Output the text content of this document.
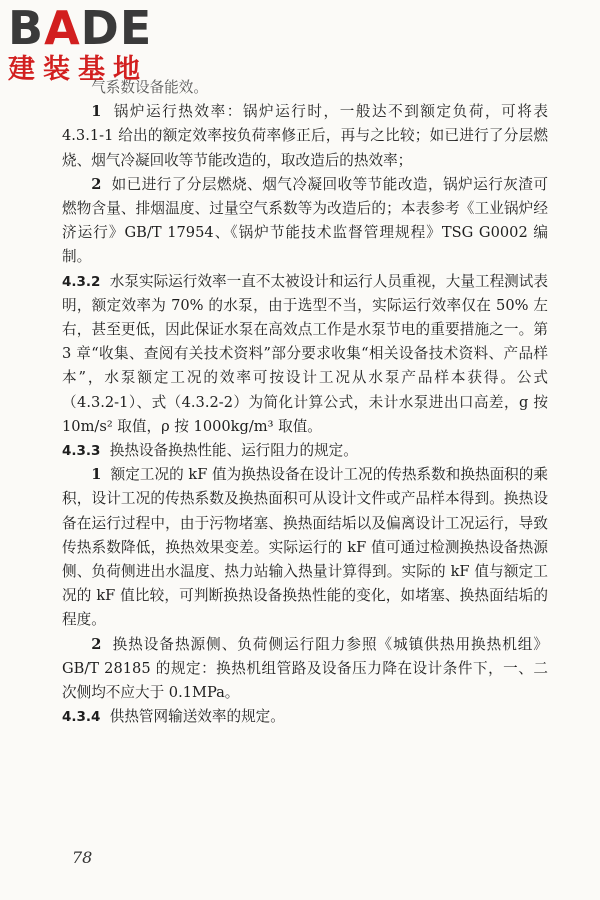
BADE
建装基地

气系数设备能效。

1 锅炉运行热效率：锅炉运行时，一般达不到额定负荷，可将表 4.3.1-1 给出的额定效率按负荷率修正后，再与之比较；如已进行了分层燃烧、烟气冷凝回收等节能改造的，取改造后的热效率；

2 如已进行了分层燃烧、烟气冷凝回收等节能改造，锅炉运行灰渣可燃物含量、排烟温度、过量空气系数等为改造后的；本表参考《工业锅炉经济运行》GB/T 17954、《锅炉节能技术监督管理规程》TSG G0002 编制。

4.3.2 水泵实际运行效率一直不太被设计和运行人员重视，大量工程测试表明，额定效率为 70% 的水泵，由于选型不当，实际运行效率仅在 50% 左右，甚至更低，因此保证水泵在高效点工作是水泵节电的重要措施之一。第 3 章“收集、查阅有关技术资料”部分要求收集“相关设备技术资料、产品样本”，水泵额定工况的效率可按设计工况从水泵产品样本获得。公式（4.3.2-1）、式（4.3.2-2）为简化计算公式，未计水泵进出口高差，g 按 10m/s² 取值，ρ 按 1000kg/m³ 取值。

4.3.3 换热设备换热性能、运行阻力的规定。

1 额定工况的 kF 值为换热设备在设计工况的传热系数和换热面积的乘积，设计工况的传热系数及换热面积可从设计文件或产品样本得到。换热设备在运行过程中，由于污物堵塞、换热面结垢以及偏离设计工况运行，导致传热系数降低，换热效果变差。实际运行的 kF 值可通过检测换热设备热源侧、负荷侧进出水温度、热力站输入热量计算得到。实际的 kF 值与额定工况的 kF 值比较，可判断换热设备换热性能的变化，如堵塞、换热面结垢的程度。

2 换热设备热源侧、负荷侧运行阻力参照《城镇供热用换热机组》GB/T 28185 的规定：换热机组管路及设备压力降在设计条件下，一、二次侧均不应大于 0.1MPa。

4.3.4 供热管网输送效率的规定。

78
